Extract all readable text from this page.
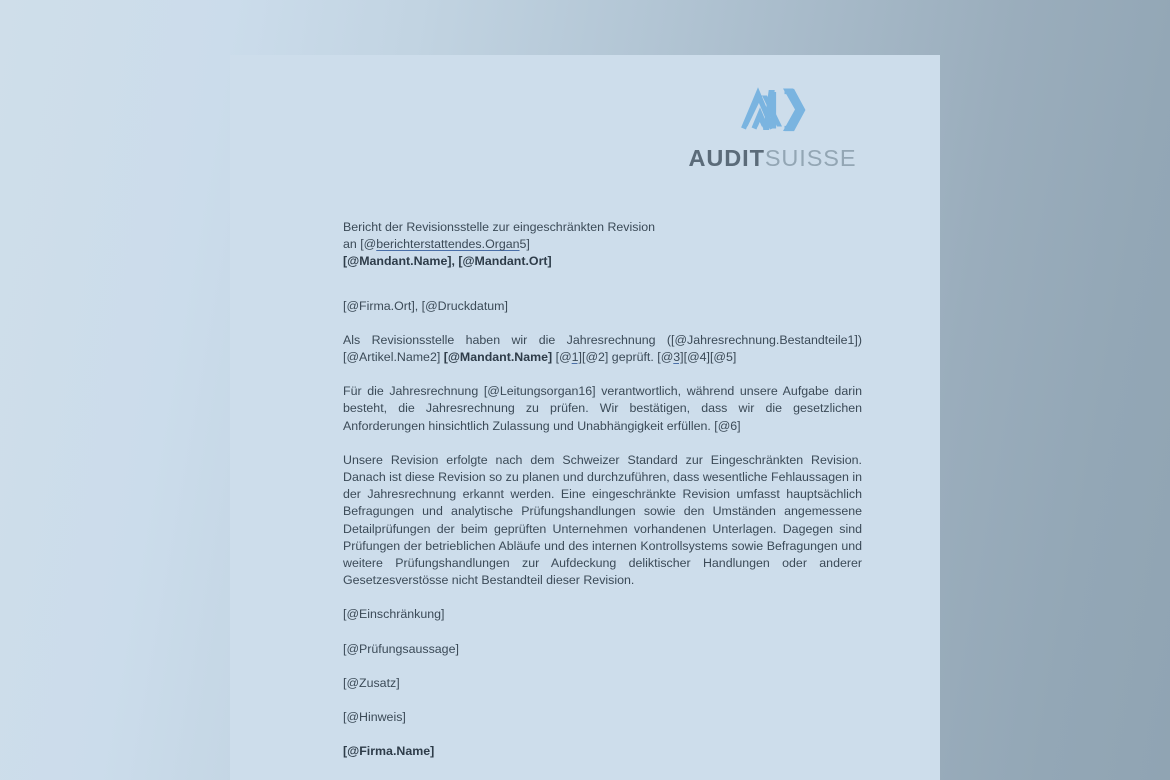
AUDITSUISSE
Bericht der Revisionsstelle zur eingeschränkten Revision
an [@berichterstattendes.Organ5]
[@Mandant.Name], [@Mandant.Ort]

[@Firma.Ort], [@Druckdatum]

Als Revisionsstelle haben wir die Jahresrechnung ([@Jahresrechnung.Bestandteile1]) [@Artikel.Name2] [@Mandant.Name] [@1][@2] geprüft. [@3][@4][@5]

Für die Jahresrechnung [@Leitungsorgan16] verantwortlich, während unsere Aufgabe darin besteht, die Jahresrechnung zu prüfen. Wir bestätigen, dass wir die gesetzlichen Anforderungen hinsichtlich Zulassung und Unabhängigkeit erfüllen. [@6]

Unsere Revision erfolgte nach dem Schweizer Standard zur Eingeschränkten Revision. Danach ist diese Revision so zu planen und durchzuführen, dass wesentliche Fehlaussagen in der Jahresrechnung erkannt werden. Eine eingeschränkte Revision umfasst hauptsächlich Befragungen und analytische Prüfungshandlungen sowie den Umständen angemessene Detailprüfungen der beim geprüften Unternehmen vorhandenen Unterlagen. Dagegen sind Prüfungen der betrieblichen Abläufe und des internen Kontrollsystems sowie Befragungen und weitere Prüfungshandlungen zur Aufdeckung deliktischer Handlungen oder anderer Gesetzesverstösse nicht Bestandteil dieser Revision.

[@Einschränkung]

[@Prüfungsaussage]

[@Zusatz]

[@Hinweis]

[@Firma.Name]
